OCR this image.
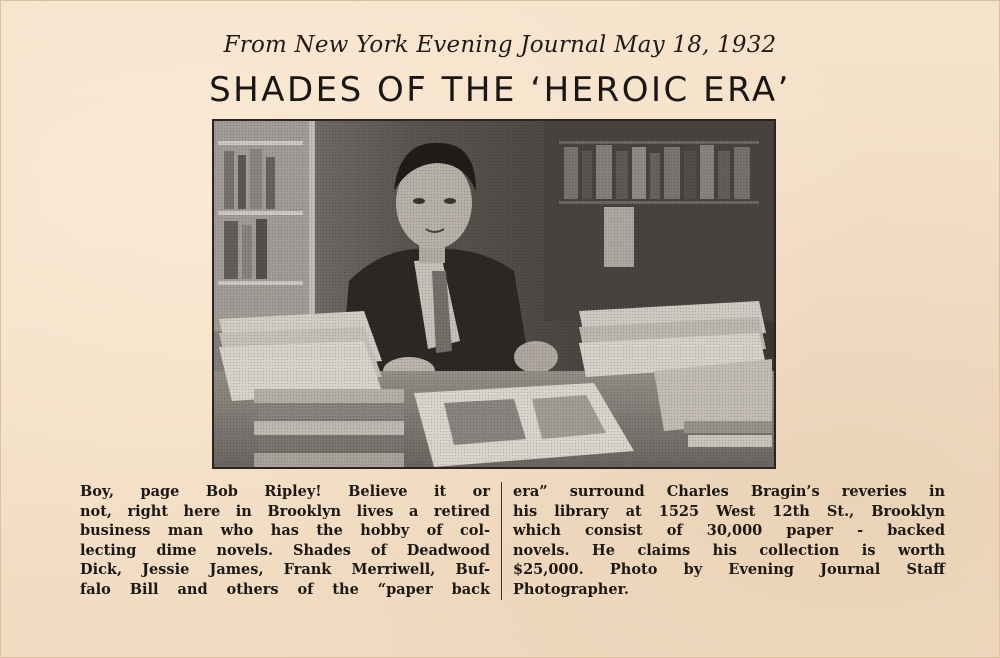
From New York Evening Journal May 18, 1932
SHADES OF THE ‘HEROIC ERA’
Boy, page Bob Ripley! Believe it or
not, right here in Brooklyn lives a retired
business man who has the hobby of col-
lecting dime novels. Shades of Deadwood
Dick, Jessie James, Frank Merriwell, Buf-
falo Bill and others of the “paper back
era” surround Charles Bragin’s reveries in
his library at 1525 West 12th St., Brooklyn
which consist of 30,000 paper - backed
novels. He claims his collection is worth
$25,000. Photo by Evening Journal Staff
Photographer.
